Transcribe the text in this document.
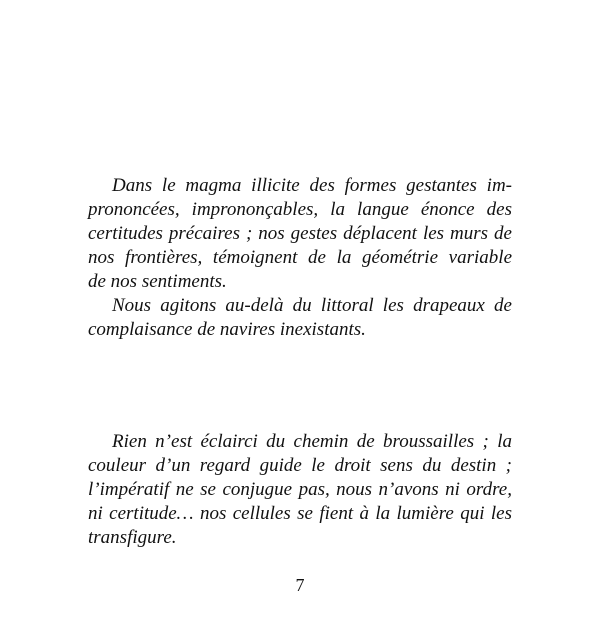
Dans le magma illicite des formes gestantes im-
prononcées, imprononçables, la langue énonce des
certitudes précaires ; nos gestes déplacent les murs de
nos frontières, témoignent de la géométrie variable
de nos sentiments.
Nous agitons au-delà du littoral les drapeaux de
complaisance de navires inexistants.
Rien n’est éclairci du chemin de broussailles ; la
couleur d’un regard guide le droit sens du destin ;
l’impératif ne se conjugue pas, nous n’avons ni ordre,
ni certitude… nos cellules se fient à la lumière qui les
transfigure.
7
